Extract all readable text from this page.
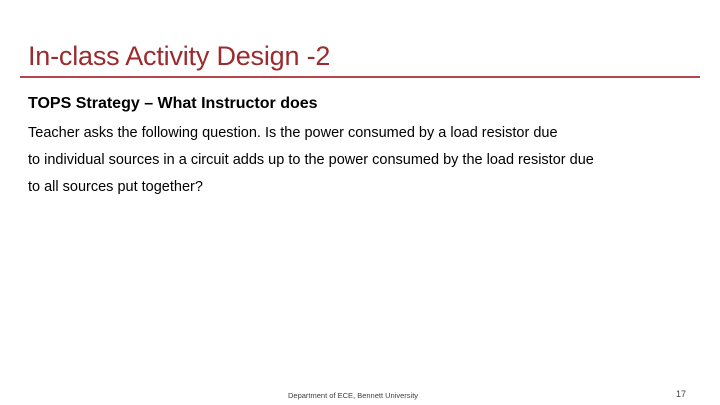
In-class Activity Design -2
TOPS Strategy – What Instructor does
Teacher asks the following question. Is the power consumed by a load resistor due
to individual sources in a circuit adds up to the power consumed by the load resistor due
to all sources put together?
Department of ECE, Bennett University	17
